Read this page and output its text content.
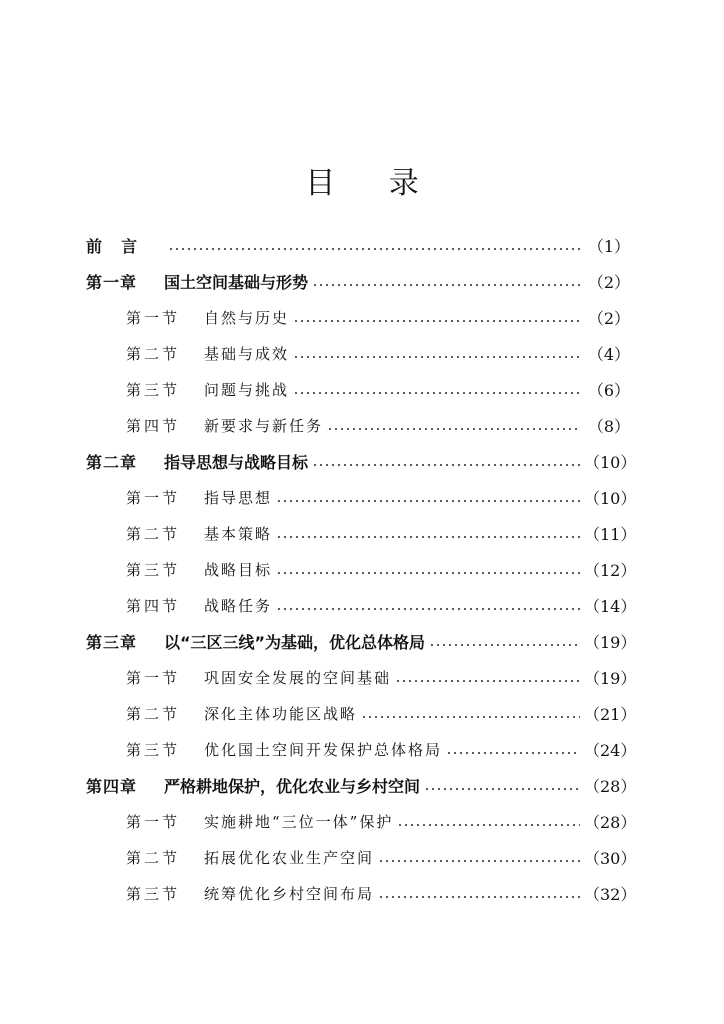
目 录
前言	（1）
第一章	国土空间基础与形势	（2）
第一节	自然与历史	（2）
第二节	基础与成效	（4）
第三节	问题与挑战	（6）
第四节	新要求与新任务	（8）
第二章	指导思想与战略目标	（10）
第一节	指导思想	（10）
第二节	基本策略	（11）
第三节	战略目标	（12）
第四节	战略任务	（14）
第三章	以“三区三线”为基础，优化总体格局	（19）
第一节	巩固安全发展的空间基础	（19）
第二节	深化主体功能区战略	（21）
第三节	优化国土空间开发保护总体格局	（24）
第四章	严格耕地保护，优化农业与乡村空间	（28）
第一节	实施耕地“三位一体”保护	（28）
第二节	拓展优化农业生产空间	（30）
第三节	统筹优化乡村空间布局	（32）
